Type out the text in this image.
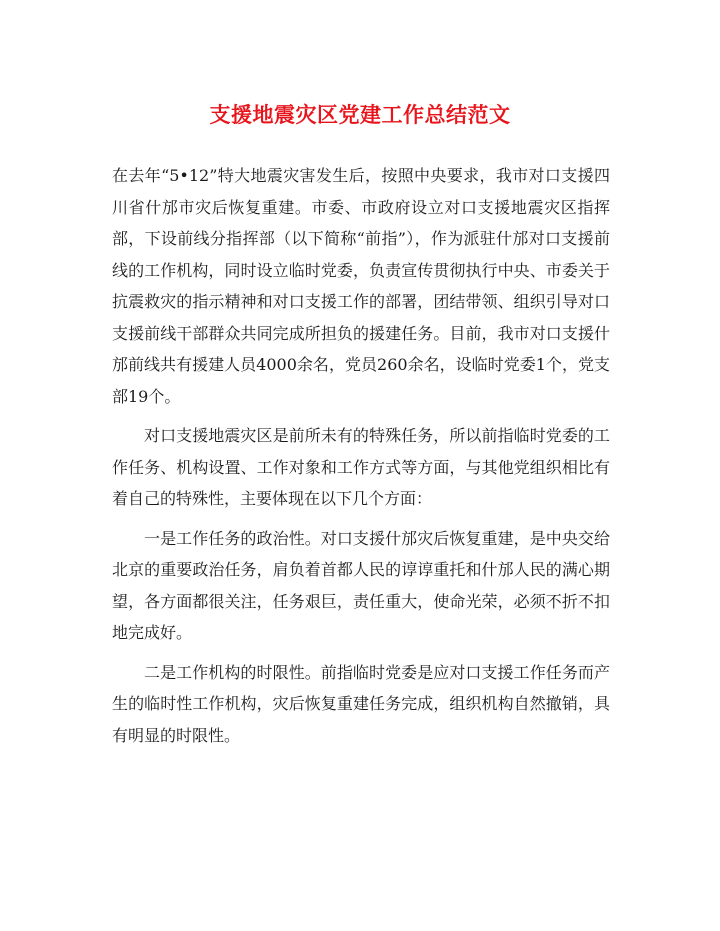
支援地震灾区党建工作总结范文

在去年“5•12”特大地震灾害发生后，按照中央要求，我市对口支援四川省什邡市灾后恢复重建。市委、市政府设立对口支援地震灾区指挥部，下设前线分指挥部（以下简称“前指”），作为派驻什邡对口支援前线的工作机构，同时设立临时党委，负责宣传贯彻执行中央、市委关于抗震救灾的指示精神和对口支援工作的部署，团结带领、组织引导对口支援前线干部群众共同完成所担负的援建任务。目前，我市对口支援什邡前线共有援建人员4000余名，党员260余名，设临时党委1个，党支部19个。

对口支援地震灾区是前所未有的特殊任务，所以前指临时党委的工作任务、机构设置、工作对象和工作方式等方面，与其他党组织相比有着自己的特殊性，主要体现在以下几个方面：

一是工作任务的政治性。对口支援什邡灾后恢复重建，是中央交给北京的重要政治任务，肩负着首都人民的谆谆重托和什邡人民的满心期望，各方面都很关注，任务艰巨，责任重大，使命光荣，必须不折不扣地完成好。

二是工作机构的时限性。前指临时党委是应对口支援工作任务而产生的临时性工作机构，灾后恢复重建任务完成，组织机构自然撤销，具有明显的时限性。
